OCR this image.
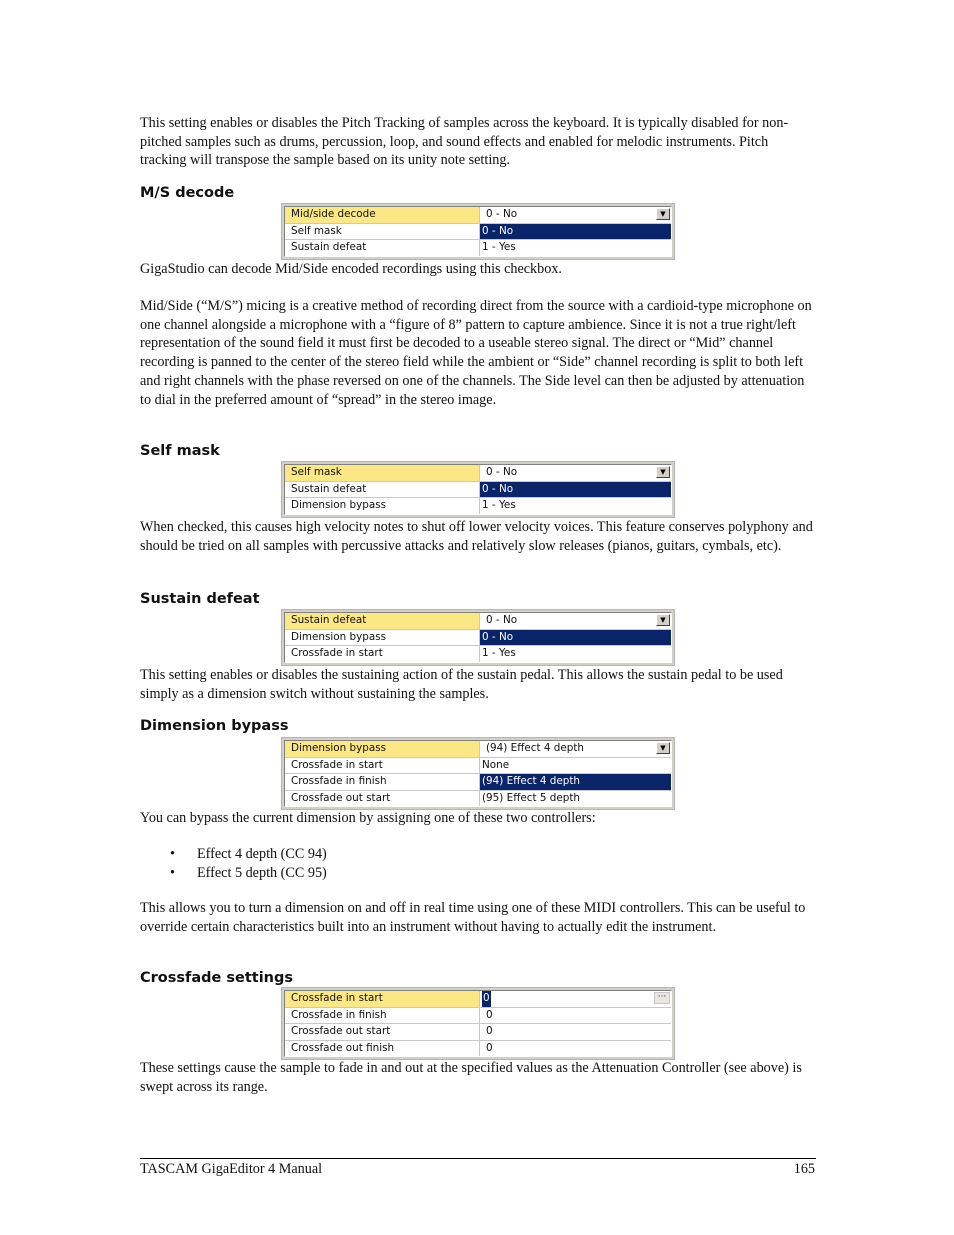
This setting enables or disables the Pitch Tracking of samples across the keyboard. It is typically disabled for non-pitched samples such as drums, percussion, loop, and sound effects and enabled for melodic instruments. Pitch tracking will transpose the sample based on its unity note setting.

M/S decode
Mid/side decode	0 - No	▼
Self mask	0 - No
Sustain defeat	1 - Yes

GigaStudio can decode Mid/Side encoded recordings using this checkbox.

Mid/Side (“M/S”) micing is a creative method of recording direct from the source with a cardioid-type microphone on one channel alongside a microphone with a “figure of 8” pattern to capture ambience. Since it is not a true right/left representation of the sound field it must first be decoded to a useable stereo signal. The direct or “Mid” channel recording is panned to the center of the stereo field while the ambient or “Side” channel recording is split to both left and right channels with the phase reversed on one of the channels. The Side level can then be adjusted by attenuation to dial in the preferred amount of “spread” in the stereo image.

Self mask
Self mask	0 - No	▼
Sustain defeat	0 - No
Dimension bypass	1 - Yes

When checked, this causes high velocity notes to shut off lower velocity voices. This feature conserves polyphony and should be tried on all samples with percussive attacks and relatively slow releases (pianos, guitars, cymbals, etc).

Sustain defeat
Sustain defeat	0 - No	▼
Dimension bypass	0 - No
Crossfade in start	1 - Yes

This setting enables or disables the sustaining action of the sustain pedal. This allows the sustain pedal to be used simply as a dimension switch without sustaining the samples.

Dimension bypass
Dimension bypass	(94) Effect 4 depth	▼
Crossfade in start	None
Crossfade in finish	(94) Effect 4 depth
Crossfade out start	(95) Effect 5 depth

You can bypass the current dimension by assigning one of these two controllers:

• Effect 4 depth (CC 94)
• Effect 5 depth (CC 95)

This allows you to turn a dimension on and off in real time using one of these MIDI controllers. This can be useful to override certain characteristics built into an instrument without having to actually edit the instrument.

Crossfade settings
Crossfade in start	0	···
Crossfade in finish	0
Crossfade out start	0
Crossfade out finish	0

These settings cause the sample to fade in and out at the specified values as the Attenuation Controller (see above) is swept across its range.

TASCAM GigaEditor 4 Manual	165
